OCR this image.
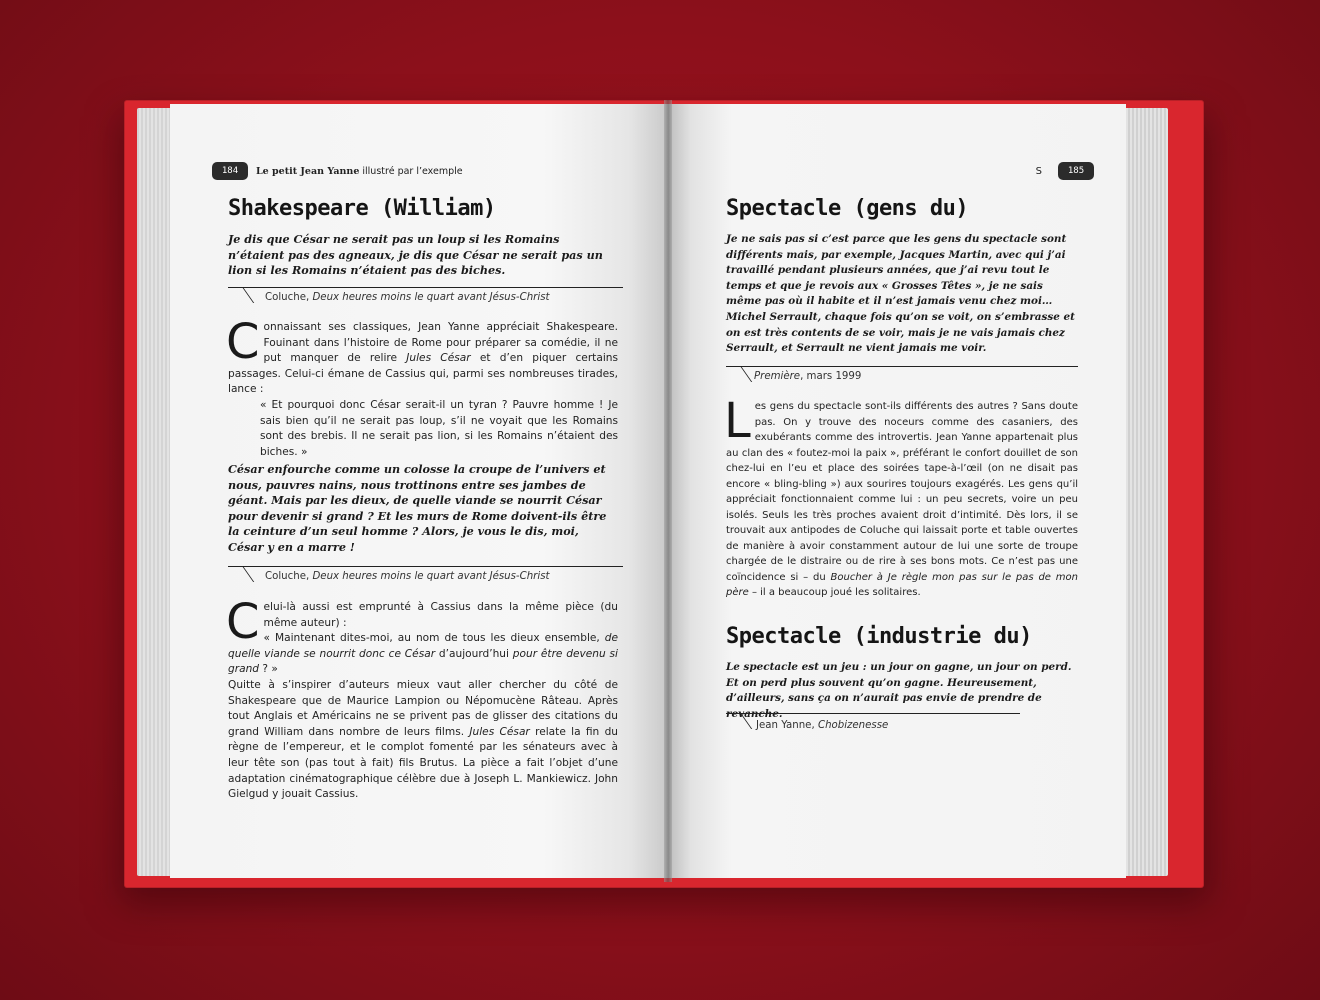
184	Le petit Jean Yanne illustré par l’exemple
Shakespeare (William)

Je dis que César ne serait pas un loup si les Romains n’étaient pas des agneaux, je dis que César ne serait pas un lion si les Romains n’étaient pas des biches.

Coluche, Deux heures moins le quart avant Jésus-Christ

Connaissant ses classiques, Jean Yanne appréciait Shakespeare. Fouinant dans l’histoire de Rome pour préparer sa comédie, il ne put manquer de relire Jules César et d’en piquer certains passages. Celui-ci émane de Cassius qui, parmi ses nombreuses tirades, lance :
« Et pourquoi donc César serait-il un tyran ? Pauvre homme ! Je sais bien qu’il ne serait pas loup, s’il ne voyait que les Romains sont des brebis. Il ne serait pas lion, si les Romains n’étaient des biches. »

César enfourche comme un colosse la croupe de l’univers et nous, pauvres nains, nous trottinons entre ses jambes de géant. Mais par les dieux, de quelle viande se nourrit César pour devenir si grand ? Et les murs de Rome doivent-ils être la ceinture d’un seul homme ? Alors, je vous le dis, moi, César y en a marre !

Coluche, Deux heures moins le quart avant Jésus-Christ

Celui-là aussi est emprunté à Cassius dans la même pièce (du même auteur) :
« Maintenant dites-moi, au nom de tous les dieux ensemble, de quelle viande se nourrit donc ce César d’aujourd’hui pour être devenu si grand ? »

Quitte à s’inspirer d’auteurs mieux vaut aller chercher du côté de Shakespeare que de Maurice Lampion ou Népomucène Râteau. Après tout Anglais et Américains ne se privent pas de glisser des citations du grand William dans nombre de leurs films. Jules César relate la fin du règne de l’empereur, et le complot fomenté par les sénateurs avec à leur tête son (pas tout à fait) fils Brutus. La pièce a fait l’objet d’une adaptation cinématographique célèbre due à Joseph L. Mankiewicz. John Gielgud y jouait Cassius.

S	185
Spectacle (gens du)

Je ne sais pas si c’est parce que les gens du spectacle sont différents mais, par exemple, Jacques Martin, avec qui j’ai travaillé pendant plusieurs années, que j’ai revu tout le temps et que je revois aux « Grosses Têtes », je ne sais même pas où il habite et il n’est jamais venu chez moi… Michel Serrault, chaque fois qu’on se voit, on s’embrasse et on est très contents de se voir, mais je ne vais jamais chez Serrault, et Serrault ne vient jamais me voir.

Première, mars 1999

Les gens du spectacle sont-ils différents des autres ? Sans doute pas. On y trouve des noceurs comme des casaniers, des exubérants comme des introvertis. Jean Yanne appartenait plus au clan des « foutez-moi la paix », préférant le confort douillet de son chez-lui en l’eu et place des soirées tape-à-l’œil (on ne disait pas encore « bling-bling ») aux sourires toujours exagérés. Les gens qu’il appréciait fonctionnaient comme lui : un peu secrets, voire un peu isolés. Seuls les très proches avaient droit d’intimité. Dès lors, il se trouvait aux antipodes de Coluche qui laissait porte et table ouvertes de manière à avoir constamment autour de lui une sorte de troupe chargée de le distraire ou de rire à ses bons mots. Ce n’est pas une coïncidence si – du Boucher à Je règle mon pas sur le pas de mon père – il a beaucoup joué les solitaires.

Spectacle (industrie du)

Le spectacle est un jeu : un jour on gagne, un jour on perd. Et on perd plus souvent qu’on gagne. Heureusement, d’ailleurs, sans ça on n’aurait pas envie de prendre de revanche.

Jean Yanne, Chobizenesse
